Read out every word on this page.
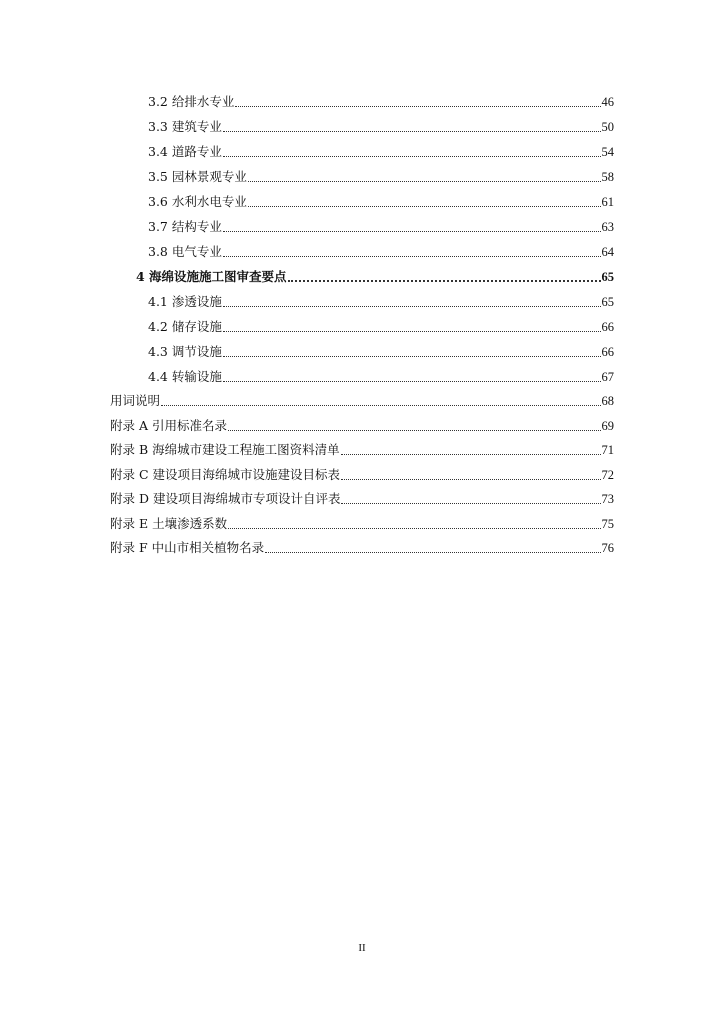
3.2 给排水专业	46
3.3 建筑专业	50
3.4 道路专业	54
3.5 园林景观专业	58
3.6 水利水电专业	61
3.7 结构专业	63
3.8 电气专业	64
4 海绵设施施工图审查要点	65
4.1 渗透设施	65
4.2 储存设施	66
4.3 调节设施	66
4.4 转输设施	67
用词说明	68
附录 A 引用标准名录	69
附录 B 海绵城市建设工程施工图资料清单	71
附录 C 建设项目海绵城市设施建设目标表	72
附录 D 建设项目海绵城市专项设计自评表	73
附录 E 土壤渗透系数	75
附录 F 中山市相关植物名录	76
II
